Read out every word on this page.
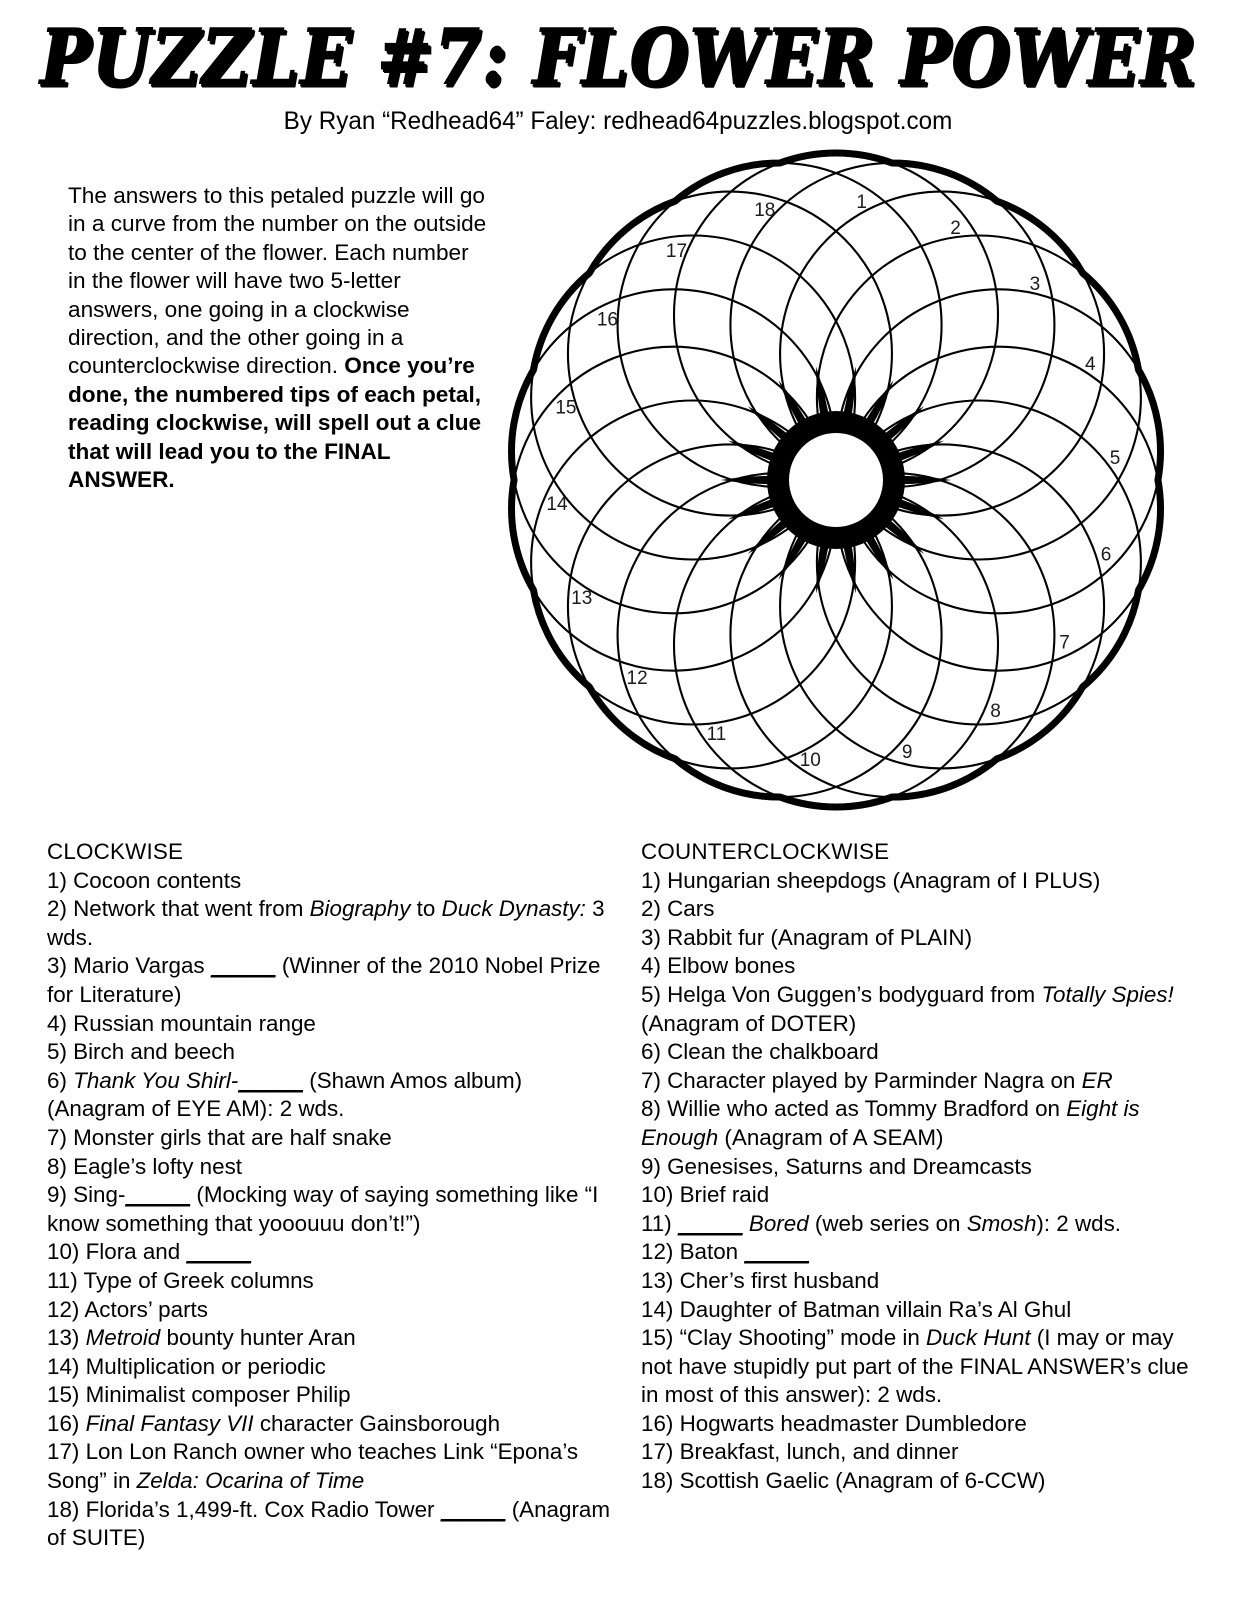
PUZZLE #7: FLOWER POWER
By Ryan “Redhead64” Faley: redhead64puzzles.blogspot.com
The answers to this petaled puzzle will go in a curve from the number on the outside to the center of the flower. Each number in the flower will have two 5-letter answers, one going in a clockwise direction, and the other going in a counterclockwise direction. Once you’re done, the numbered tips of each petal, reading clockwise, will spell out a clue that will lead you to the FINAL ANSWER.
1
2
3
4
5
6
7
8
9
10
11
12
13
14
15
16
17
18
CLOCKWISE
1) Cocoon contents
2) Network that went from Biography to Duck Dynasty: 3 wds.
3) Mario Vargas _____ (Winner of the 2010 Nobel Prize for Literature)
4) Russian mountain range
5) Birch and beech
6) Thank You Shirl-_____ (Shawn Amos album) (Anagram of EYE AM): 2 wds.
7) Monster girls that are half snake
8) Eagle’s lofty nest
9) Sing-_____ (Mocking way of saying something like “I know something that yooouuu don’t!”)
10) Flora and _____
11) Type of Greek columns
12) Actors’ parts
13) Metroid bounty hunter Aran
14) Multiplication or periodic
15) Minimalist composer Philip
16) Final Fantasy VII character Gainsborough
17) Lon Lon Ranch owner who teaches Link “Epona’s Song” in Zelda: Ocarina of Time
18) Florida’s 1,499-ft. Cox Radio Tower _____ (Anagram of SUITE)
COUNTERCLOCKWISE
1) Hungarian sheepdogs (Anagram of I PLUS)
2) Cars
3) Rabbit fur (Anagram of PLAIN)
4) Elbow bones
5) Helga Von Guggen’s bodyguard from Totally Spies! (Anagram of DOTER)
6) Clean the chalkboard
7) Character played by Parminder Nagra on ER
8) Willie who acted as Tommy Bradford on Eight is Enough (Anagram of A SEAM)
9) Genesises, Saturns and Dreamcasts
10) Brief raid
11) _____ Bored (web series on Smosh): 2 wds.
12) Baton _____
13) Cher’s first husband
14) Daughter of Batman villain Ra’s Al Ghul
15) “Clay Shooting” mode in Duck Hunt (I may or may not have stupidly put part of the FINAL ANSWER’s clue in most of this answer): 2 wds.
16) Hogwarts headmaster Dumbledore
17) Breakfast, lunch, and dinner
18) Scottish Gaelic (Anagram of 6-CCW)
